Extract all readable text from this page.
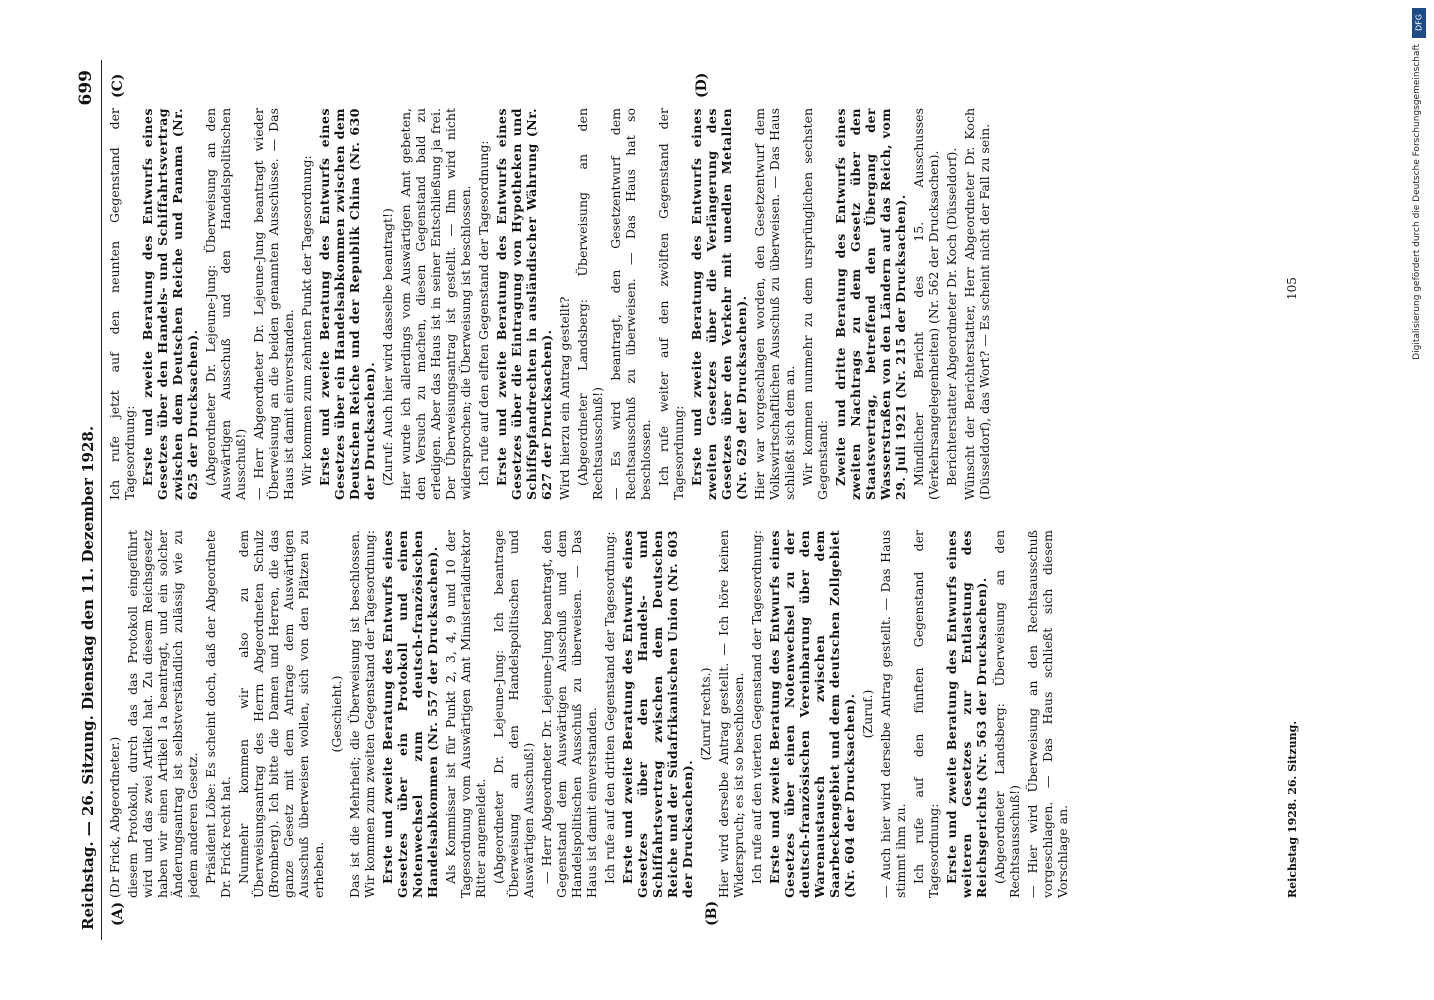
Reichstag. — 26. Sitzung. Dienstag den 11. Dezember 1928.
699
(A)	(B)
(C)	(D)

(Dr Frick, Abgeordneter.) diesem Protokoll, durch das das Protokoll eingeführt wird und das zwei Artikel hat. Zu diesem Reichsgesetz haben wir einen Artikel 1a beantragt, und ein solcher Änderungsantrag ist selbstverständlich zulässig wie zu jedem anderen Gesetz. Präsident Löbe: Es scheint doch, daß der Abgeordnete Dr. Frick recht hat. Nunmehr kommen wir also zu dem Überweisungsantrag des Herrn Abgeordneten Schulz (Bromberg). Ich bitte die Damen und Herren, die das ganze Gesetz mit dem Antrage dem Auswärtigen Ausschuß überweisen wollen, sich von den Plätzen zu erheben.

(Geschieht.) Das ist die Mehrheit; die Überweisung ist beschlossen. Wir kommen zum zweiten Gegenstand der Tagesordnung: Erste und zweite Beratung des Entwurfs eines Gesetzes über ein Protokoll und einen Notenwechsel zum deutsch-französischen Handelsabkommen (Nr. 557 der Drucksachen). Als Kommissar ist für Punkt 2, 3, 4, 9 und 10 der Tagesordnung vom Auswärtigen Amt Ministerialdirektor Ritter angemeldet. (Abgeordneter Dr. Lejeune-Jung: Ich beantrage Überweisung an den Handelspolitischen und Auswärtigen Ausschuß!) — Herr Abgeordneter Dr. Lejeune-Jung beantragt, den Gegenstand dem Auswärtigen Ausschuß und dem Handelspolitischen Ausschuß zu überweisen. — Das Haus ist damit einverstanden. Ich rufe auf den dritten Gegenstand der Tagesordnung: Erste und zweite Beratung des Entwurfs eines Gesetzes über den Handels- und Schiffahrtsvertrag zwischen dem Deutschen Reiche und der Südafrikanischen Union (Nr. 603 der Drucksachen).

(Zuruf rechts.) Hier wird derselbe Antrag gestellt. — Ich höre keinen Widerspruch; es ist so beschlossen. Ich rufe auf den vierten Gegenstand der Tagesordnung: Erste und zweite Beratung des Entwurfs eines Gesetzes über einen Notenwechsel zu der deutsch-französischen Vereinbarung über den Warenaustausch zwischen dem Saarbeckengebiet und dem deutschen Zollgebiet (Nr. 604 der Drucksachen). (Zuruf.) — Auch hier wird derselbe Antrag gestellt. — Das Haus stimmt ihm zu. Ich rufe auf den fünften Gegenstand der Tagesordnung: Erste und zweite Beratung des Entwurfs eines weiteren Gesetzes zur Entlastung des Reichsgerichts (Nr. 563 der Drucksachen). (Abgeordneter Landsberg: Überweisung an den Rechtsausschuß!) — Hier wird Überweisung an den Rechtsausschuß vorgeschlagen. — Das Haus schließt sich diesem Vorschlage an.

Ich rufe jetzt auf den neunten Gegenstand der Tagesordnung: Erste und zweite Beratung des Entwurfs eines Gesetzes über den Handels- und Schiffahrtsvertrag zwischen dem Deutschen Reiche und Panama (Nr. 625 der Drucksachen). (Abgeordneter Dr. Lejeune-Jung: Überweisung an den Auswärtigen Ausschuß und den Handelspolitischen Ausschuß!) — Herr Abgeordneter Dr. Lejeune-Jung beantragt wieder Überweisung an die beiden genannten Ausschüsse. — Das Haus ist damit einverstanden. Wir kommen zum zehnten Punkt der Tagesordnung: Erste und zweite Beratung des Entwurfs eines Gesetzes über ein Handelsabkommen zwischen dem Deutschen Reiche und der Republik China (Nr. 630 der Drucksachen). (Zuruf: Auch hier wird dasselbe beantragt!) Hier wurde ich allerdings vom Auswärtigen Amt gebeten, den Versuch zu machen, diesen Gegenstand bald zu erledigen. Aber das Haus ist in seiner Entschließung ja frei. Der Überweisungsantrag ist gestellt. — Ihm wird nicht widersprochen; die Überweisung ist beschlossen. Ich rufe auf den elften Gegenstand der Tagesordnung: Erste und zweite Beratung des Entwurfs eines Gesetzes über die Eintragung von Hypotheken und Schiffspfandrechten in ausländischer Währung (Nr. 627 der Drucksachen). Wird hierzu ein Antrag gestellt? (Abgeordneter Landsberg: Überweisung an den Rechtsausschuß!) — Es wird beantragt, den Gesetzentwurf dem Rechtsausschuß zu überweisen. — Das Haus hat so beschlossen. Ich rufe weiter auf den zwölften Gegenstand der Tagesordnung: Erste und zweite Beratung des Entwurfs eines zweiten Gesetzes über die Verlängerung des Gesetzes über den Verkehr mit unedlen Metallen (Nr. 629 der Drucksachen). Hier war vorgeschlagen worden, den Gesetzentwurf dem Volkswirtschaftlichen Ausschuß zu überweisen. — Das Haus schließt sich dem an. Wir kommen nunmehr zu dem ursprünglichen sechsten Gegenstand: Zweite und dritte Beratung des Entwurfs eines zweiten Nachtrags zu dem Gesetz über den Staatsvertrag, betreffend den Übergang der Wasserstraßen von den Ländern auf das Reich, vom 29. Juli 1921 (Nr. 215 der Drucksachen). Mündlicher Bericht des 15. Ausschusses (Verkehrsangelegenheiten) (Nr. 562 der Drucksachen). Berichterstatter Abgeordneter Dr. Koch (Düsseldorf). Wünscht der Berichterstatter, Herr Abgeordneter Dr. Koch (Düsseldorf), das Wort? — Es scheint nicht der Fall zu sein.

Reichstag 1928. 26. Sitzung.
105
DFG
Digitalisierung gefördert durch die Deutsche Forschungsgemeinschaft
